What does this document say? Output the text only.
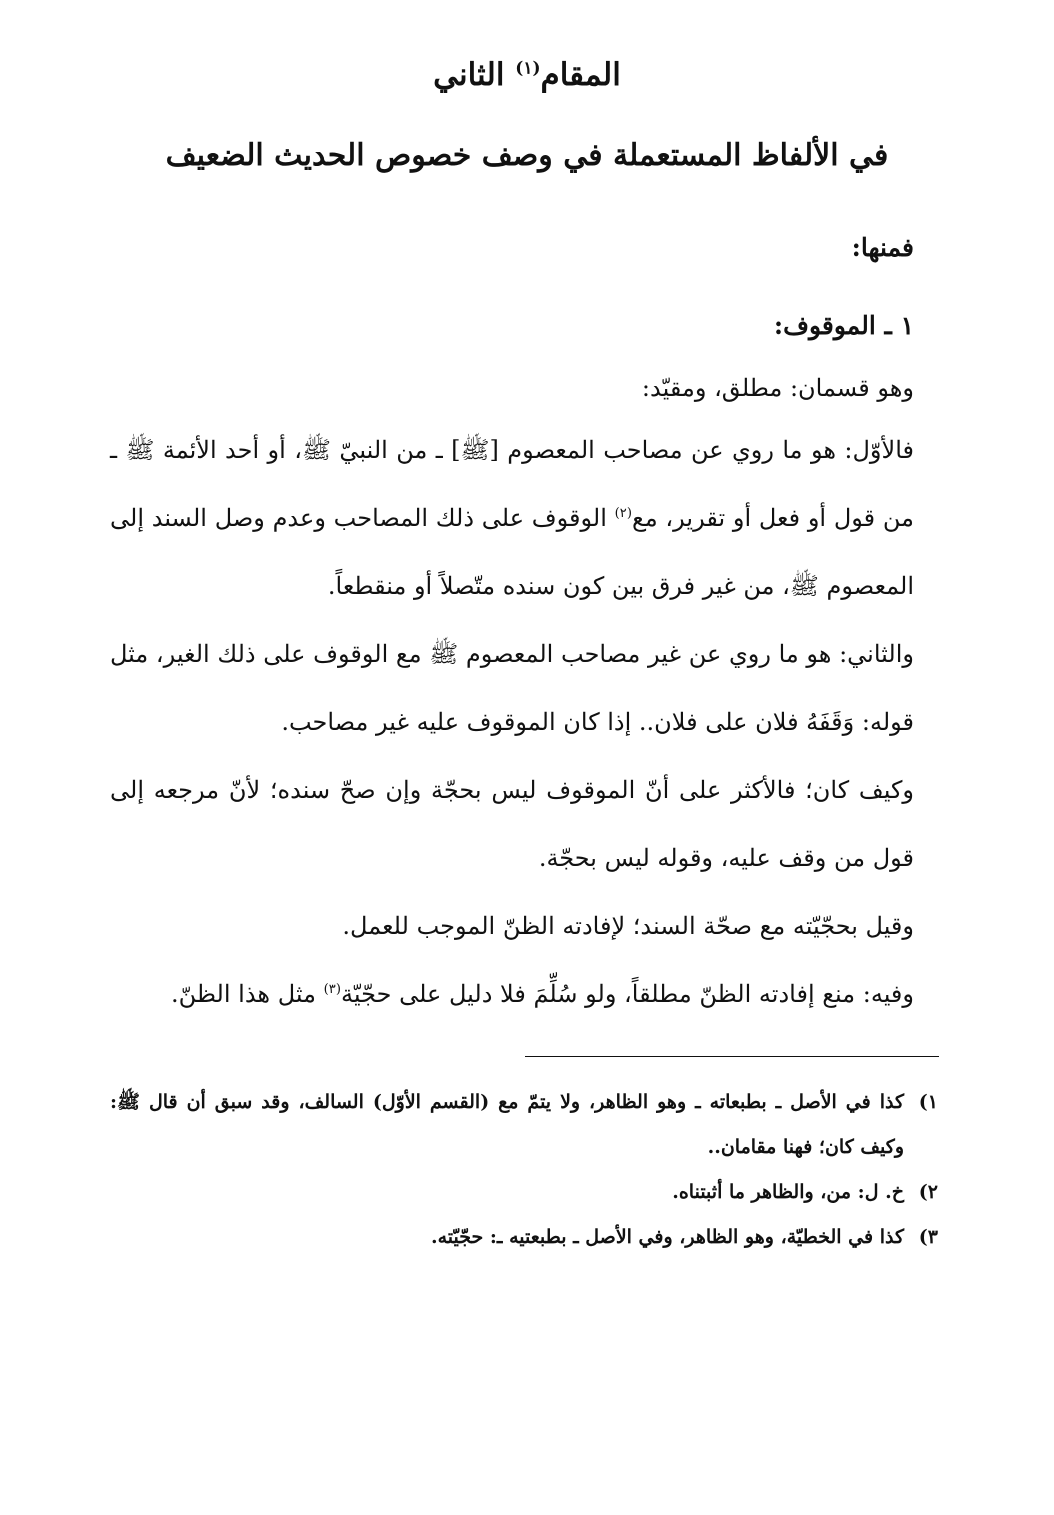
المقام$^{(١)}$ الثاني
في الألفاظ المستعملة في وصف خصوص الحديث الضعيف
فمنها:
١ ـ الموقوف:

وهو قسمان: مطلق، ومقيّد:

فالأوّل: هو ما روي عن مصاحب المعصوم [ﷺ] ـ من النبيّ ﷺ، أو أحد الأئمة ﷺ ـ من قول أو فعل أو تقرير، مع$^{(٢)}$ الوقوف على ذلك المصاحب وعدم وصل السند إلى المعصوم ﷺ، من غير فرق بين كون سنده متّصلاً أو منقطعاً.

والثاني: هو ما روي عن غير مصاحب المعصوم ﷺ مع الوقوف على ذلك الغير، مثل قوله: وَقَفَهُ فلان على فلان.. إذا كان الموقوف عليه غير مصاحب.

وكيف كان؛ فالأكثر على أنّ الموقوف ليس بحجّة وإن صحّ سنده؛ لأنّ مرجعه إلى قول من وقف عليه، وقوله ليس بحجّة.

وقيل بحجّيّته مع صحّة السند؛ لإفادته الظنّ الموجب للعمل.

وفيه: منع إفادته الظنّ مطلقاً، ولو سُلِّمَ فلا دليل على حجّيّة$^{(٣)}$ مثل هذا الظنّ.

١)
كذا في الأصل ـ بطبعاته ـ وهو الظاهر، ولا يتمّ مع (القسم الأوّل) السالف، وقد سبق أن قال ﷺ: وكيف كان؛ فهنا مقامان..
٢)
خ. ل: من، والظاهر ما أثبتناه.
٣)
كذا في الخطيّة، وهو الظاهر، وفي الأصل ـ بطبعتيه ـ: حجّيّته.
